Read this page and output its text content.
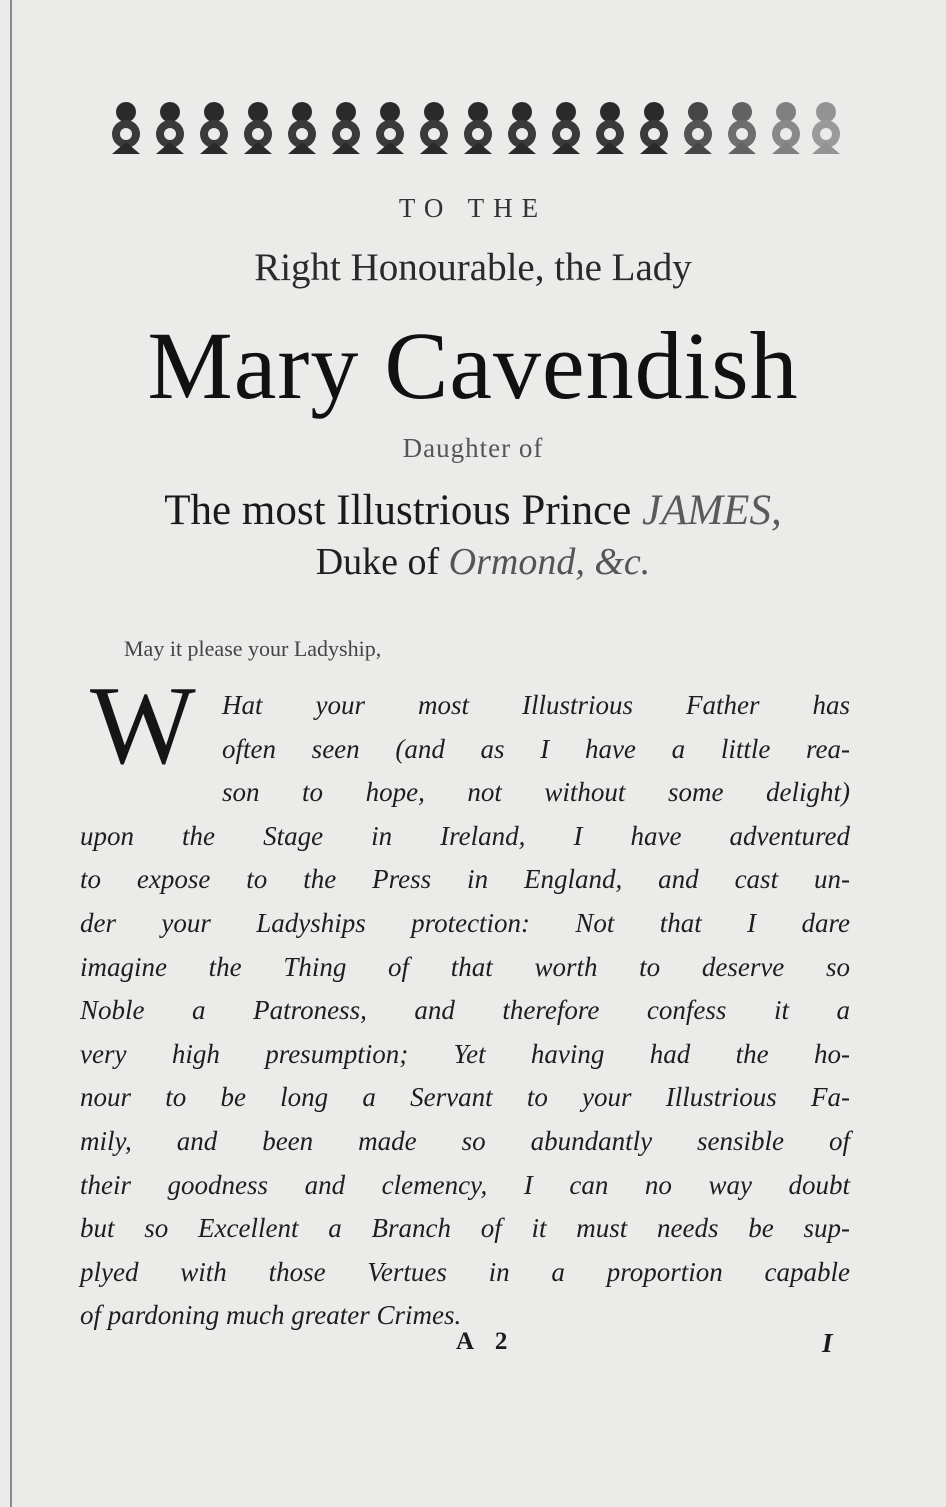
TO THE
Right Honourable, the Lady
Mary Cavendish
Daughter of
The most Illustrious Prince JAMES,
Duke of Ormond, &c.
May it please your Ladyship,
W Hat your most Illustrious Father has
often seen (and as I have a little rea-
son to hope, not without some delight)
upon the Stage in Ireland, I have adventured
to expose to the Press in England, and cast un-
der your Ladyships protection: Not that I dare
imagine the Thing of that worth to deserve so
Noble a Patroness, and therefore confess it a
very high presumption; Yet having had the ho-
nour to be long a Servant to your Illustrious Fa-
mily, and been made so abundantly sensible of
their goodness and clemency, I can no way doubt
but so Excellent a Branch of it must needs be sup-
plyed with those Vertues in a proportion capable
of pardoning much greater Crimes.
A 2	I
